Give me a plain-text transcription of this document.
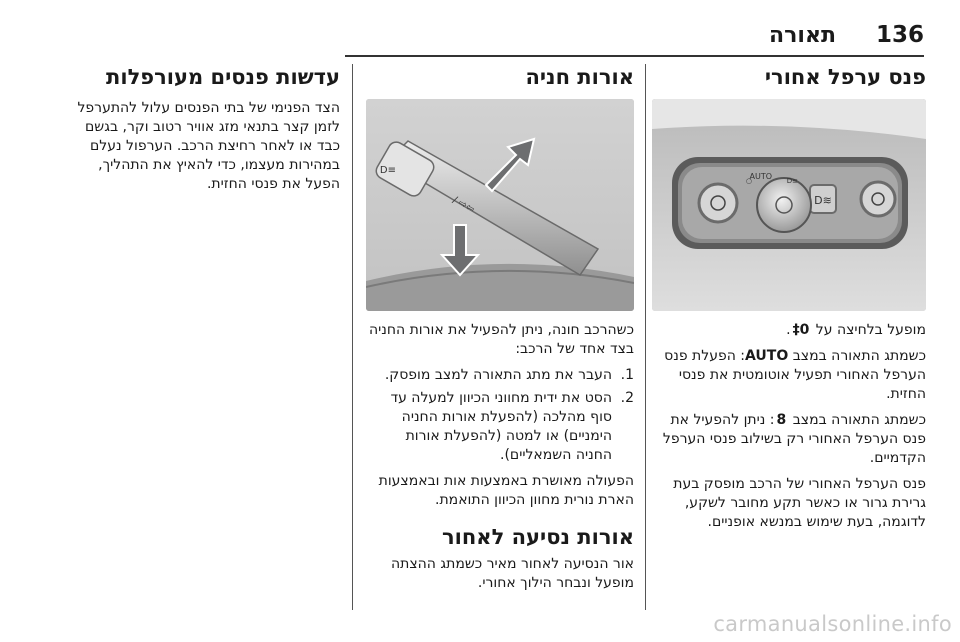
136
תאורה
פנס ערפל אחורי
≋D
AUTO ≡D
○

מופעל בלחיצה על 0‡.

כשמתג התאורה במצב AUTO: הפעלת פנס הערפל האחורי תפעיל אוטומטית את פנסי החזית.

כשמתג התאורה במצב 8: ניתן להפעיל את פנס הערפל האחורי רק בשילוב פנסי הערפל הקדמיים.

פנס הערפל האחורי של הרכב מופסק בעת גרירת גרור או כאשר תקע מחובר לשקע, לדוגמה, בעת שימוש במנשא אופניים.

אורות חניה
≡D
⇦⇨ /

כשהרכב חונה, ניתן להפעיל את אורות החניה בצד אחד של הרכב:

1.
העבר את מתג התאורה למצב מופסק.
2.
הסט את ידית מחווני הכיוון למעלה עד סוף מהלכה (להפעלת אורות החניה הימניים) או למטה (להפעלת אורות החניה השמאליים).

הפעולה מאושרת באמצעות אות ובאמצעות הארת נורית מחוון הכיוון התואמת.

אורות נסיעה לאחור

אור הנסיעה לאחור מאיר כשמתג ההצתה מופעל ונבחר הילוך אחורי.

עדשות פנסים מעורפלות

הצד הפנימי של בתי הפנסים עלול להתערפל לזמן קצר בתנאי מזג אוויר רטוב וקר, בגשם כבד או לאחר רחיצת הרכב. הערפול נעלם במהירות מעצמו, כדי להאיץ את התהליך, הפעל את פנסי החזית.

carmanualsonline.info
